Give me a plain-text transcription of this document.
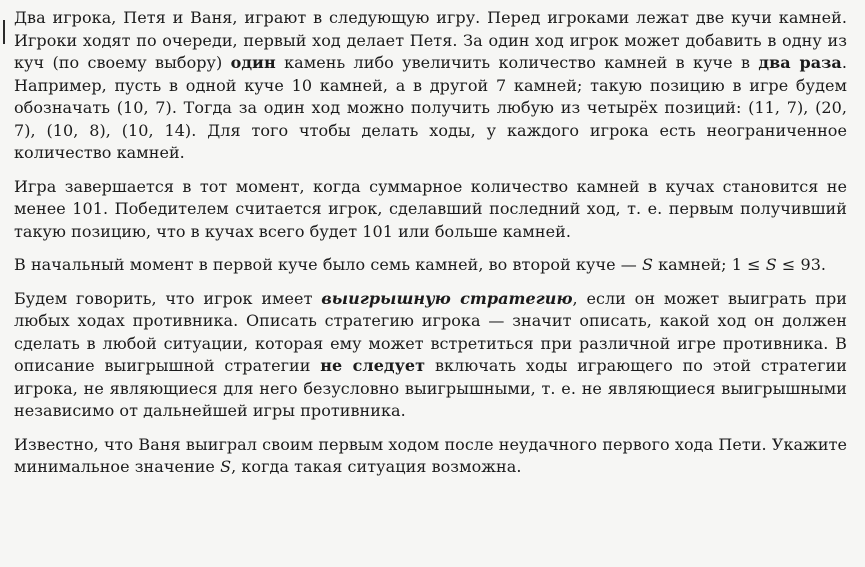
Два игрока, Петя и Ваня, играют в следующую игру. Перед игроками лежат две кучи камней. Игроки ходят по очереди, первый ход делает Петя. За один ход игрок может добавить в одну из куч (по своему выбору) один камень либо увеличить количество камней в куче в два раза. Например, пусть в одной куче 10 камней, а в другой 7 камней; такую позицию в игре будем обозначать (10, 7). Тогда за один ход можно получить любую из четырёх позиций: (11, 7), (20, 7), (10, 8), (10, 14). Для того чтобы делать ходы, у каждого игрока есть неограниченное количество камней.

Игра завершается в тот момент, когда суммарное количество камней в кучах становится не менее 101. Победителем считается игрок, сделавший последний ход, т. е. первым получивший такую позицию, что в кучах всего будет 101 или больше камней.

В начальный момент в первой куче было семь камней, во второй куче — S камней; 1 ≤ S ≤ 93.

Будем говорить, что игрок имеет выигрышную стратегию, если он может выиграть при любых ходах противника. Описать стратегию игрока — значит описать, какой ход он должен сделать в любой ситуации, которая ему может встретиться при различной игре противника. В описание выигрышной стратегии не следует включать ходы играющего по этой стратегии игрока, не являющиеся для него безусловно выигрышными, т. е. не являющиеся выигрышными независимо от дальнейшей игры противника.

Известно, что Ваня выиграл своим первым ходом после неудачного первого хода Пети. Укажите минимальное значение S, когда такая ситуация возможна.
